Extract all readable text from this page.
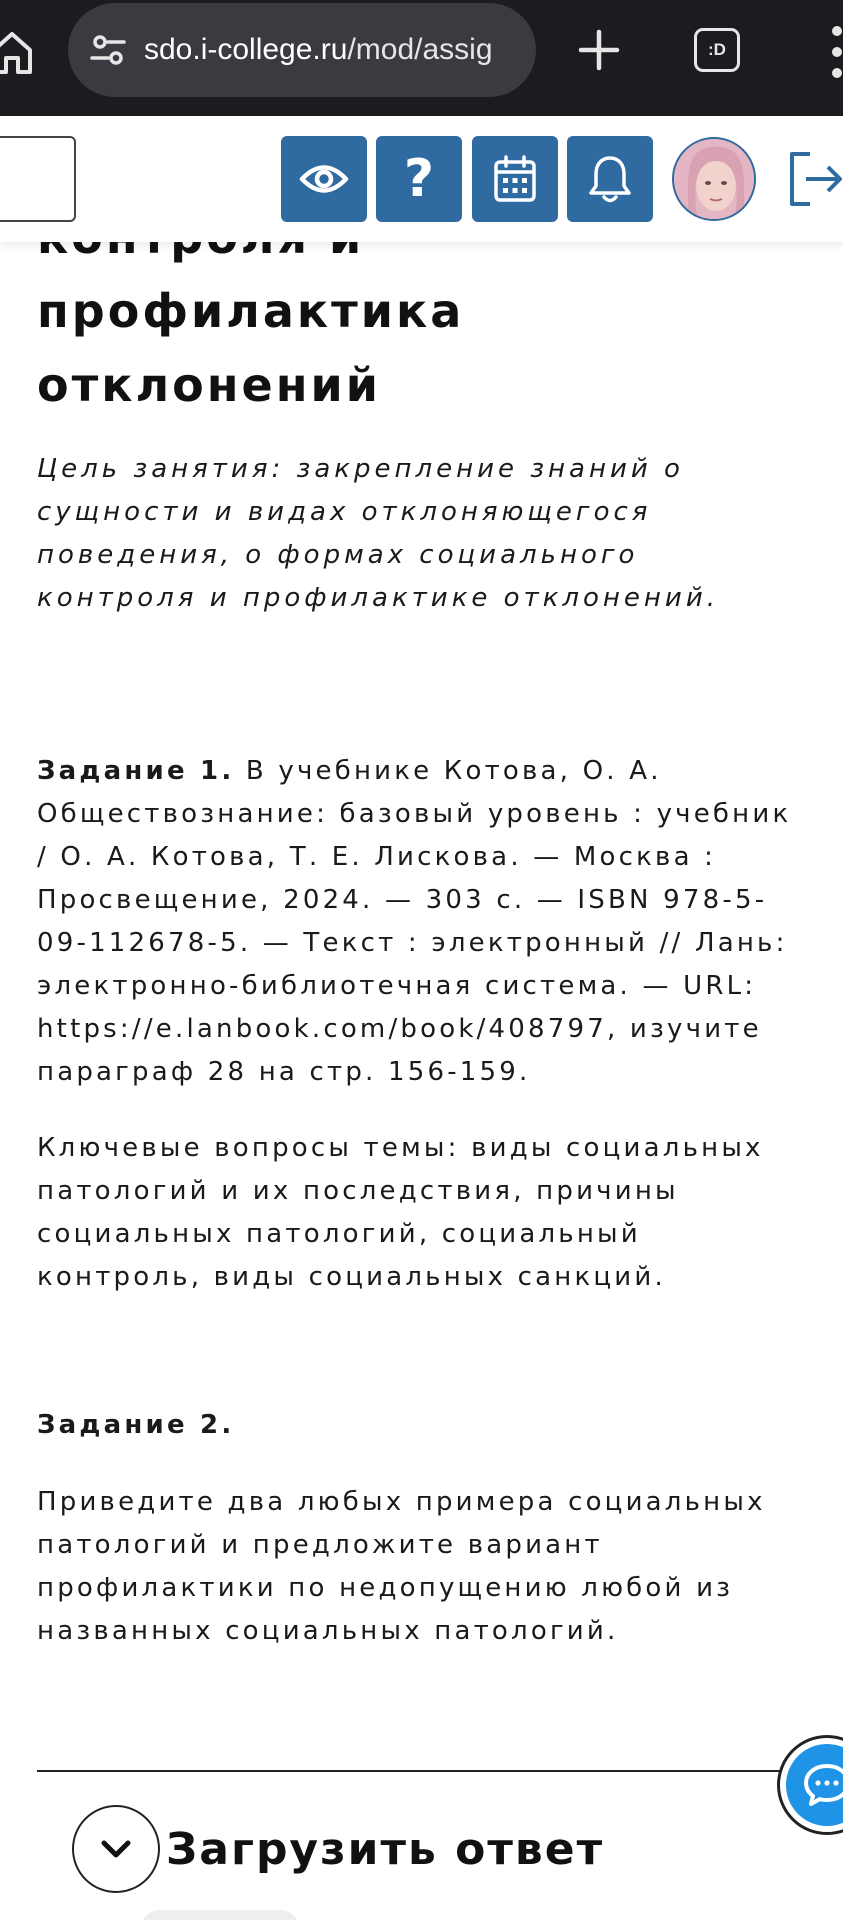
sdo.i-college.ru/mod/assig	:D
?
профилактика
отклонений

Цель занятия: закрепление знаний о сущности и видах отклоняющегося поведения, о формах социального контроля и профилактике отклонений.

Задание 1. В учебнике Котова, О. А. Обществознание: базовый уровень : учебник / О. А. Котова, Т. Е. Лискова. — Москва : Просвещение, 2024. — 303 с. — ISBN 978-5-09-112678-5. — Текст : электронный // Лань: электронно-библиотечная система. — URL: https://e.lanbook.com/book/408797, изучите параграф 28 на стр. 156-159.

Ключевые вопросы темы: виды социальных патологий и их последствия, причины социальных патологий, социальный контроль, виды социальных санкций.

Задание 2.

Приведите два любых примера социальных патологий и предложите вариант профилактики по недопущению любой из названных социальных патологий.

Загрузить ответ
